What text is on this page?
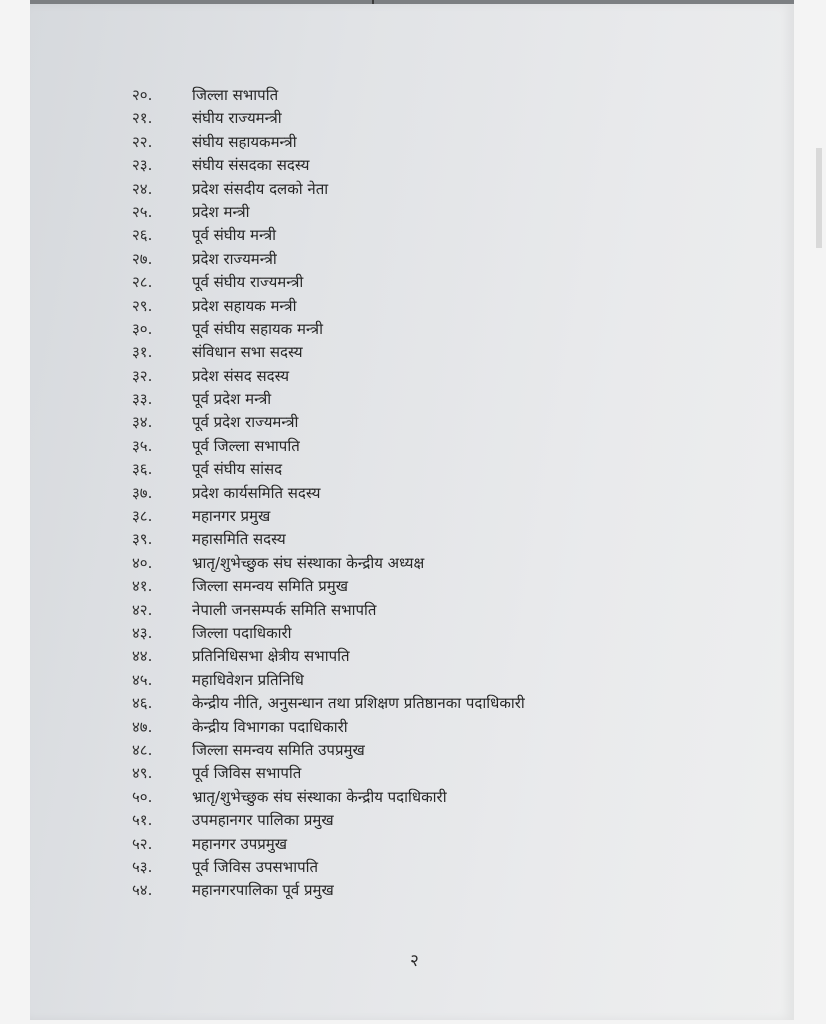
२०.	जिल्ला सभापति
२१.	संघीय राज्यमन्त्री
२२.	संघीय सहायकमन्त्री
२३.	संघीय संसदका सदस्य
२४.	प्रदेश संसदीय दलको नेता
२५.	प्रदेश मन्त्री
२६.	पूर्व संघीय मन्त्री
२७.	प्रदेश राज्यमन्त्री
२८.	पूर्व संघीय राज्यमन्त्री
२९.	प्रदेश सहायक मन्त्री
३०.	पूर्व संघीय सहायक मन्त्री
३१.	संविधान सभा सदस्य
३२.	प्रदेश संसद सदस्य
३३.	पूर्व प्रदेश मन्त्री
३४.	पूर्व प्रदेश राज्यमन्त्री
३५.	पूर्व जिल्ला सभापति
३६.	पूर्व संघीय सांसद
३७.	प्रदेश कार्यसमिति सदस्य
३८.	महानगर प्रमुख
३९.	महासमिति सदस्य
४०.	भ्रातृ/शुभेच्छुक संघ संस्थाका केन्द्रीय अध्यक्ष
४१.	जिल्ला समन्वय समिति प्रमुख
४२.	नेपाली जनसम्पर्क समिति सभापति
४३.	जिल्ला पदाधिकारी
४४.	प्रतिनिधिसभा क्षेत्रीय सभापति
४५.	महाधिवेशन प्रतिनिधि
४६.	केन्द्रीय नीति, अनुसन्धान तथा प्रशिक्षण प्रतिष्ठानका पदाधिकारी
४७.	केन्द्रीय विभागका पदाधिकारी
४८.	जिल्ला समन्वय समिति उपप्रमुख
४९.	पूर्व जिविस सभापति
५०.	भ्रातृ/शुभेच्छुक संघ संस्थाका केन्द्रीय पदाधिकारी
५१.	उपमहानगर पालिका प्रमुख
५२.	महानगर उपप्रमुख
५३.	पूर्व जिविस उपसभापति
५४.	महानगरपालिका पूर्व प्रमुख
२
